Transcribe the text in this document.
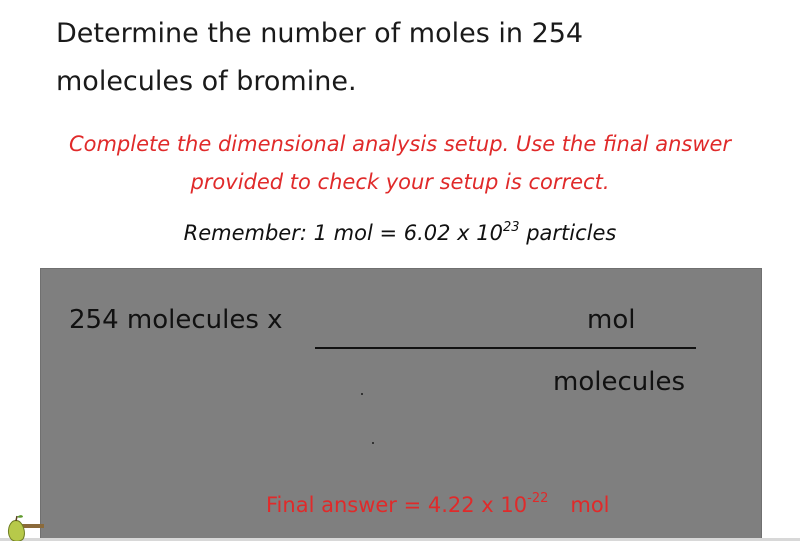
Determine the number of moles in 254
molecules of bromine.
Complete the dimensional analysis setup. Use the final answer
provided to check your setup is correct.
Remember: 1 mol = 6.02 x $10^{23}$ particles
254 molecules x	mol
molecules
Final answer = 4.22 x $10^{-22}$ mol
